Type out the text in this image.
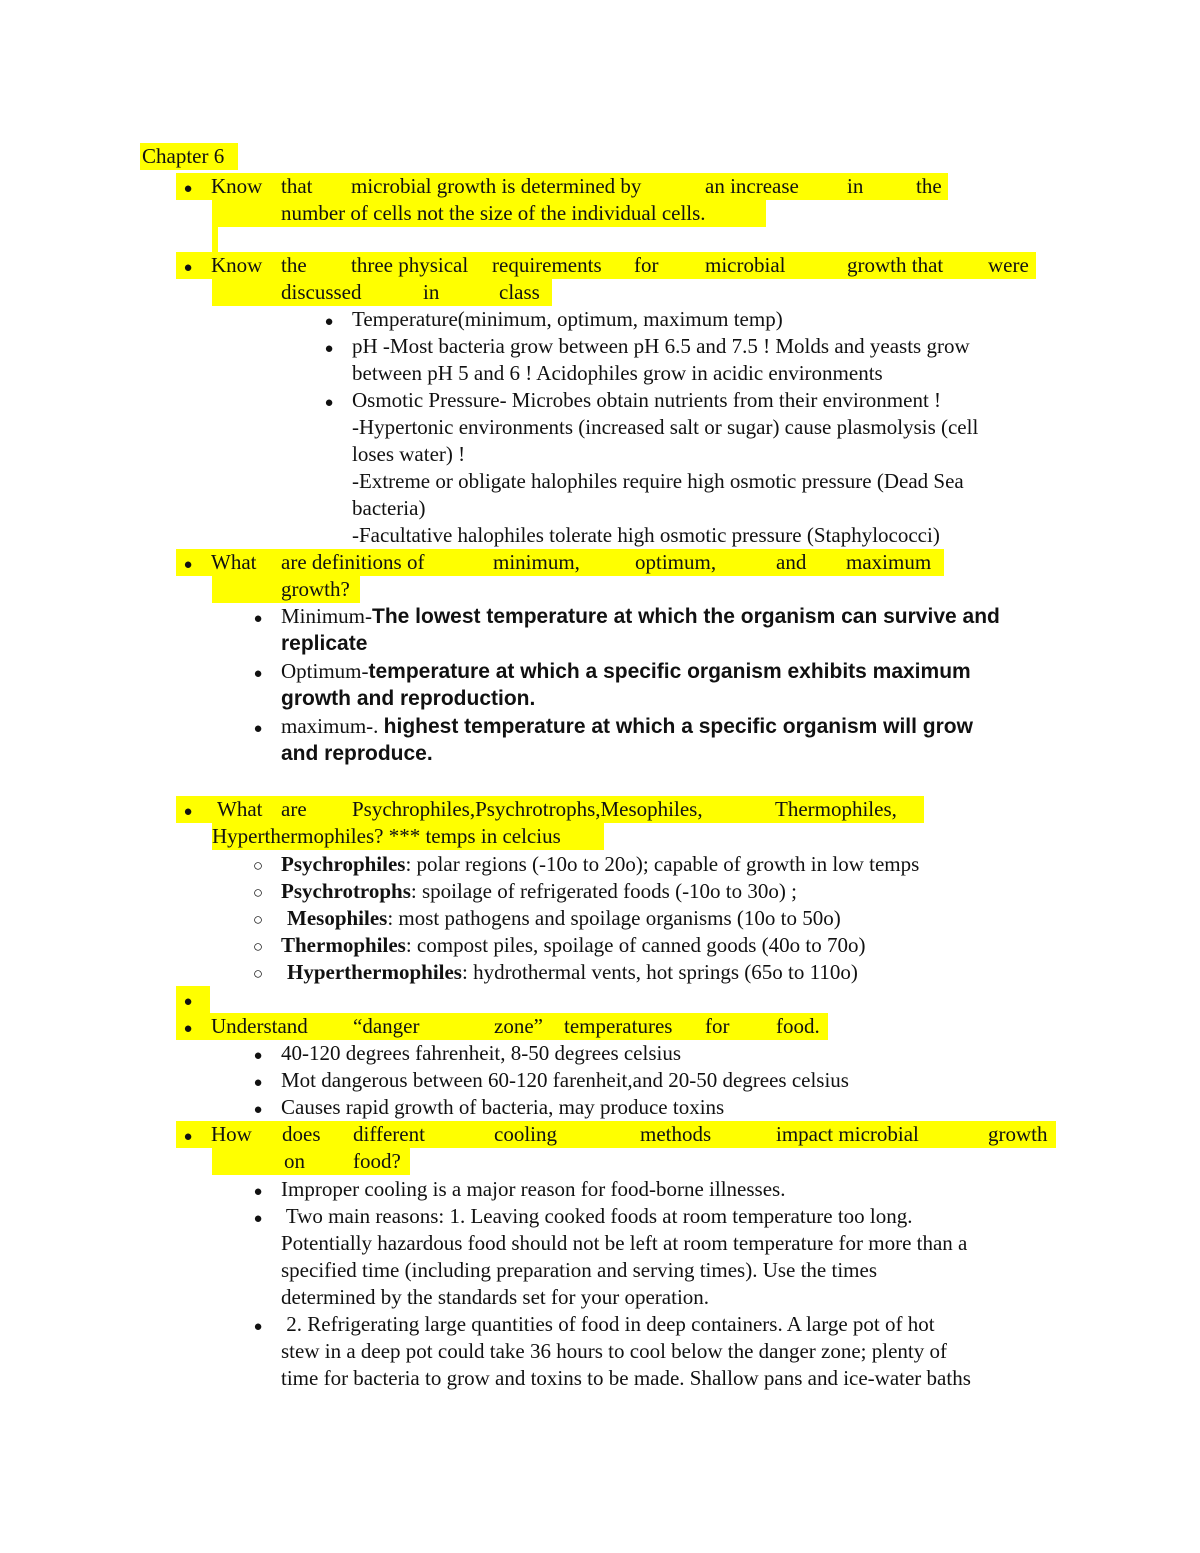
Chapter 6
●
Know that microbial growth is determined by	an increase in	the
number of cells not the size of the individual cells.
●
Know the three physical requirements for microbial	growth that were
discussed	in	class
●
Temperature(minimum, optimum, maximum temp)
●
pH -Most bacteria grow between pH 6.5 and 7.5 ! Molds and yeasts grow
between pH 5 and 6 ! Acidophiles grow in acidic environments
●
Osmotic Pressure- Microbes obtain nutrients from their environment !
-Hypertonic environments (increased salt or sugar) cause plasmolysis (cell
loses water) !
-Extreme or obligate halophiles require high osmotic pressure (Dead Sea
bacteria)
-Facultative halophiles tolerate high osmotic pressure (Staphylococci)
●
What are definitions of	minimum,	optimum,	and maximum
growth?
●
Minimum-The lowest temperature at which the organism can survive and
replicate
●
Optimum-temperature at which a specific organism exhibits maximum
growth and reproduction.
●
maximum-. highest temperature at which a specific organism will grow
and reproduce.
●
What are Psychrophiles,Psychrotrophs,Mesophiles,	Thermophiles,
Hyperthermophiles? *** temps in celcius
○
Psychrophiles: polar regions (-10o to 20o); capable of growth in low temps
○
Psychrotrophs: spoilage of refrigerated foods (-10o to 30o) ;
○
Mesophiles: most pathogens and spoilage organisms (10o to 50o)
○
Thermophiles: compost piles, spoilage of canned goods (40o to 70o)
○
Hyperthermophiles: hydrothermal vents, hot springs (65o to 110o)
●
●
Understand “danger	zone” temperatures for food.
●
40-120 degrees fahrenheit, 8-50 degrees celsius
●
Mot dangerous between 60-120 farenheit,and 20-50 degrees celsius
●
Causes rapid growth of bacteria, may produce toxins
●
How does different	cooling	methods	impact microbial	growth
on food?
●
Improper cooling is a major reason for food-borne illnesses.
●
Two main reasons: 1. Leaving cooked foods at room temperature too long.
Potentially hazardous food should not be left at room temperature for more than a
specified time (including preparation and serving times). Use the times
determined by the standards set for your operation.
●
2. Refrigerating large quantities of food in deep containers. A large pot of hot
stew in a deep pot could take 36 hours to cool below the danger zone; plenty of
time for bacteria to grow and toxins to be made. Shallow pans and ice-water baths
